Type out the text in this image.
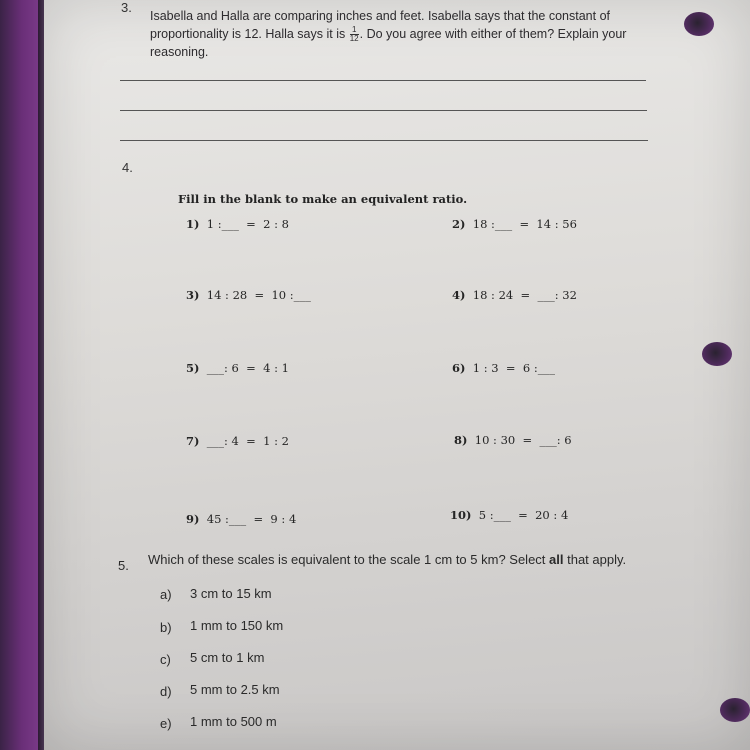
3.
Isabella and Halla are comparing inches and feet. Isabella says that the constant of proportionality is 12. Halla says it is $\frac{1}{12}$ . Do you agree with either of them? Explain your reasoning.
4.
Fill in the blank to make an equivalent ratio.
1) 1 :___  =  2 : 8	2) 18 :___  =  14 : 56
3) 14 : 28  =  10 :___	4) 18 : 24  =  ___: 32
5) ___: 6  =  4 : 1	6) 1 : 3  =  6 :___
7) ___: 4  =  1 : 2	8) 10 : 30  =  ___: 6
9) 45 :___  =  9 : 4	10) 5 :___  =  20 : 4
5. Which of these scales is equivalent to the scale 1 cm to 5 km? Select all that apply.
a) 3 cm to 15 km
b) 1 mm to 150 km
c) 5 cm to 1 km
d) 5 mm to 2.5 km
e) 1 mm to 500 m
